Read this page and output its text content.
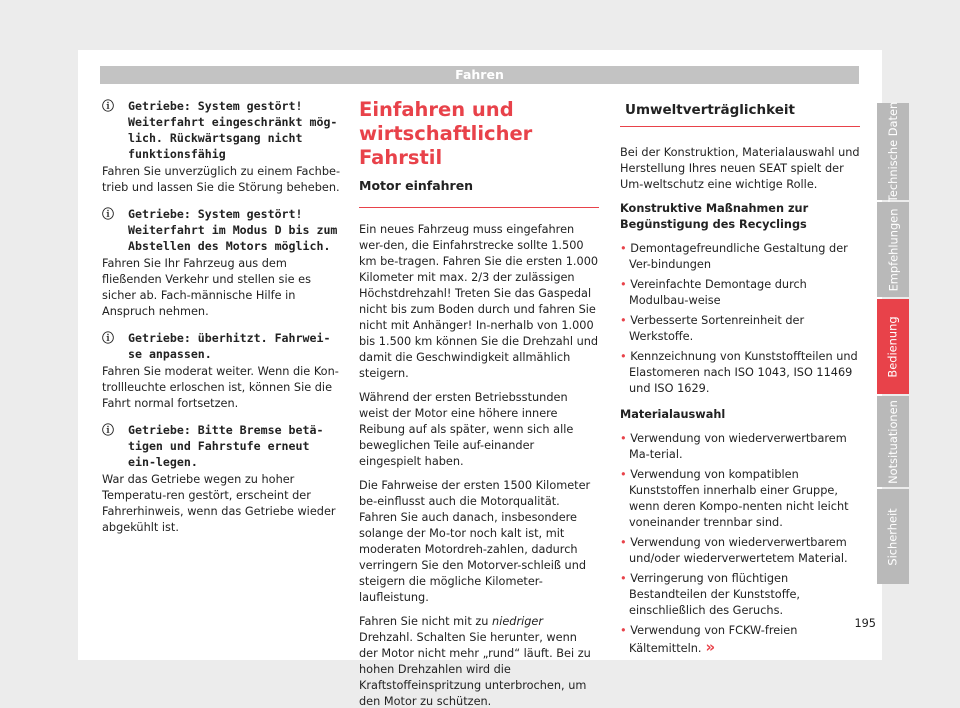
Fahren
ⓘ Getriebe: System gestört! Weiterfahrt eingeschränkt mög-lich. Rückwärtsgang nicht funktionsfähig

Fahren Sie unverzüglich zu einem Fachbe-trieb und lassen Sie die Störung beheben.

ⓘ Getriebe: System gestört! Weiterfahrt im Modus D bis zum Abstellen des Motors möglich.

Fahren Sie Ihr Fahrzeug aus dem fließenden Verkehr und stellen sie es sicher ab. Fach-männische Hilfe in Anspruch nehmen.

ⓘ Getriebe: überhitzt. Fahrwei-se anpassen.

Fahren Sie moderat weiter. Wenn die Kon-trollleuchte erloschen ist, können Sie die Fahrt normal fortsetzen.

ⓘ Getriebe: Bitte Bremse betä-tigen und Fahrstufe erneut ein-legen.

War das Getriebe wegen zu hoher Temperatu-ren gestört, erscheint der Fahrerhinweis, wenn das Getriebe wieder abgekühlt ist.

Einfahren und wirtschaftlicher Fahrstil
Motor einfahren

Ein neues Fahrzeug muss eingefahren wer-den, die Einfahrstrecke sollte 1.500 km be-tragen. Fahren Sie die ersten 1.000 Kilometer mit max. 2/3 der zulässigen Höchstdrehzahl! Treten Sie das Gaspedal nicht bis zum Boden durch und fahren Sie nicht mit Anhänger! In-nerhalb von 1.000 bis 1.500 km können Sie die Drehzahl und damit die Geschwindigkeit allmählich steigern.

Während der ersten Betriebsstunden weist der Motor eine höhere innere Reibung auf als später, wenn sich alle beweglichen Teile auf-einander eingespielt haben.

Die Fahrweise der ersten 1500 Kilometer be-einflusst auch die Motorqualität. Fahren Sie auch danach, insbesondere solange der Mo-tor noch kalt ist, mit moderaten Motordreh-zahlen, dadurch verringern Sie den Motorver-schleiß und steigern die mögliche Kilometer-laufleistung.

Fahren Sie nicht mit zu niedriger Drehzahl. Schalten Sie herunter, wenn der Motor nicht mehr „rund“ läuft. Bei zu hohen Drehzahlen wird die Kraftstoffeinspritzung unterbrochen, um den Motor zu schützen.

Umweltverträglichkeit

Bei der Konstruktion, Materialauswahl und Herstellung Ihres neuen SEAT spielt der Um-weltschutz eine wichtige Rolle.

Konstruktive Maßnahmen zur Begünstigung des Recyclings

• Demontagefreundliche Gestaltung der Ver-bindungen

• Vereinfachte Demontage durch Modulbau-weise

• Verbesserte Sortenreinheit der Werkstoffe.

• Kennzeichnung von Kunststoffteilen und Elastomeren nach ISO 1043, ISO 11469 und ISO 1629.

Materialauswahl

• Verwendung von wiederverwertbarem Ma-terial.

• Verwendung von kompatiblen Kunststoffen innerhalb einer Gruppe, wenn deren Kompo-nenten nicht leicht voneinander trennbar sind.

• Verwendung von wiederverwertbarem und/oder wiederverwertetem Material.

• Verringerung von flüchtigen Bestandteilen der Kunststoffe, einschließlich des Geruchs.

• Verwendung von FCKW-freien Kältemitteln. »

Technische Daten
Empfehlungen
Bedienung
Notsituationen
Sicherheit
195
